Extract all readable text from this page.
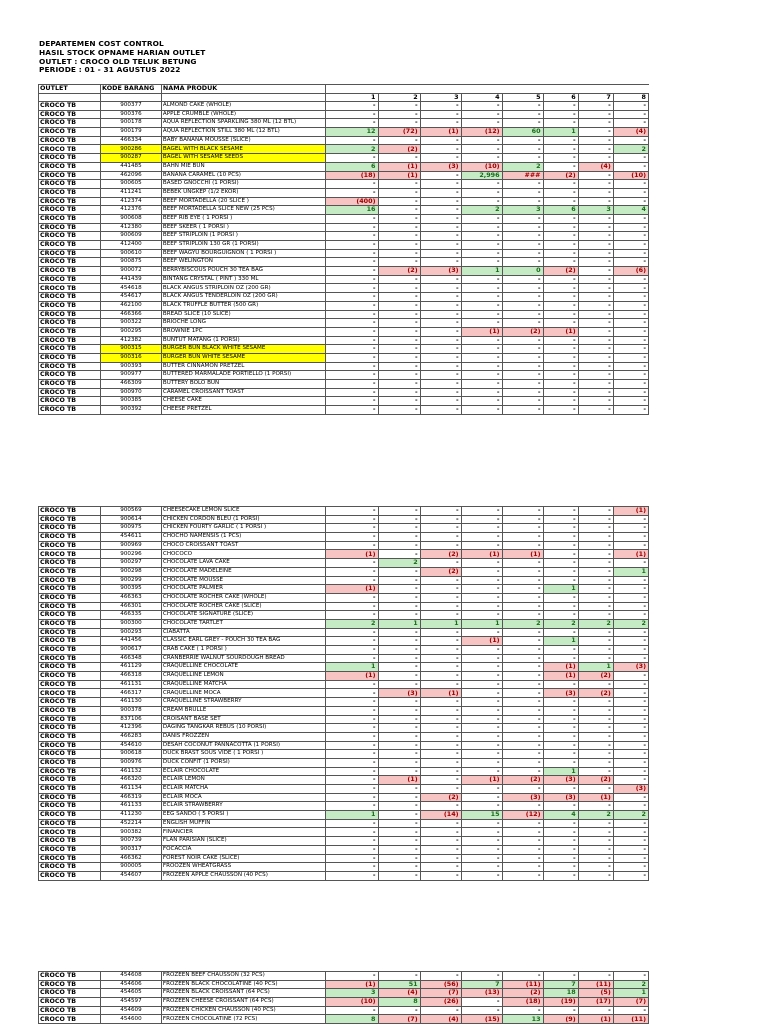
DEPARTEMEN COST CONTROL
HASIL STOCK OPNAME HARIAN OUTLET
OUTLET : CROCO OLD TELUK BETUNG
PERIODE : 01 - 31 AGUSTUS 2022
OUTLET	KODE BARANG	NAMA PRODUK								
			1	2	3	4	5	6	7	8
CROCO TB	900377	ALMOND CAKE (WHOLE)	-	-	-	-	-	-	-	-
CROCO TB	900376	APPLE CRUMBLE (WHOLE)	-	-	-	-	-	-	-	-
CROCO TB	900178	AQUA REFLECTION SPARKLING 380 ML (12 BTL)	-	-	-	-	-	-	-	-
CROCO TB	900179	AQUA REFLECTION STILL 380 ML (12 BTL)	12	(72)	(1)	(12)	60	1	-	(4)
CROCO TB	466334	BABY BANANA MOUSSE (SLICE)	-	-	-	-	-	-	-	-
CROCO TB	900286	BAGEL WITH BLACK SESAME	2	(2)	-	-	-	-	-	2
CROCO TB	900287	BAGEL WITH SESAME SEEDS	-	-	-	-	-	-	-	-
CROCO TB	441485	BAHN MIE BUN	6	(1)	(3)	(10)	2	-	(4)	-
CROCO TB	462096	BANANA CARAMEL (10 PCS)	(18)	(1)	-	2,996	###	(2)	-	(10)
CROCO TB	900605	BASED GNOCCHI (1 PORSI)	-	-	-	-	-	-	-	-
CROCO TB	411241	BEBEK UNGKEP (1/2 EKOR)	-	-	-	-	-	-	-	-
CROCO TB	412374	BEEF MORTADELLA (20 SLICE )	(400)	-	-	-	-	-	-	-
CROCO TB	412376	BEEF MORTADELLA SLICE NEW (25 PCS)	16	-	-	2	3	6	3	4
CROCO TB	900608	BEEF RIB EYE ( 1 PORSI )	-	-	-	-	-	-	-	-
CROCO TB	412380	BEEF SKEER ( 1 PORSI )	-	-	-	-	-	-	-	-
CROCO TB	900609	BEEF STRIPLOIN (1 PORSI )	-	-	-	-	-	-	-	-
CROCO TB	412400	BEEF STRIPLOIN 130 GR (1 PORSI)	-	-	-	-	-	-	-	-
CROCO TB	900610	BEEF WAGYU BOURGUIGNON ( 1 PORSI )	-	-	-	-	-	-	-	-
CROCO TB	900875	BEEF WELINGTON	-	-	-	-	-	-	-	-
CROCO TB	900072	BERRYBISCOUS POUCH 30 TEA BAG	-	(2)	(3)	1	0	(2)	-	(6)
CROCO TB	441439	BINTANG CRYSTAL ( PINT ) 330 ML	-	-	-	-	-	-	-	-
CROCO TB	454618	BLACK ANGUS STRIPLOIN OZ (200 GR)	-	-	-	-	-	-	-	-
CROCO TB	454617	BLACK ANGUS TENDERLOIN OZ (200 GR)	-	-	-	-	-	-	-	-
CROCO TB	462100	BLACK TRUFFLE BUTTER (500 GR)	-	-	-	-	-	-	-	-
CROCO TB	466366	BREAD SLICE (10 SLICE)	-	-	-	-	-	-	-	-
CROCO TB	900322	BRIOCHE LONG	-	-	-	-	-	-	-	-
CROCO TB	900295	BROWNIE 1PC	-	-	-	(1)	(2)	(1)	-	-
CROCO TB	412382	BUNTUT MATANG (1 PORSI)	-	-	-	-	-	-	-	-
CROCO TB	900315	BURGER BUN BLACK WHITE SESAME	-	-	-	-	-	-	-	-
CROCO TB	900316	BURGER BUN WHITE SESAME	-	-	-	-	-	-	-	-
CROCO TB	900393	BUTTER CINNAMON PRETZEL	-	-	-	-	-	-	-	-
CROCO TB	900977	BUTTERED MARMALADE PORTIELLO (1 PORSI)	-	-	-	-	-	-	-	-
CROCO TB	466309	BUTTERY BOLO BUN	-	-	-	-	-	-	-	-
CROCO TB	900970	CARAMEL CROISSANT TOAST	-	-	-	-	-	-	-	-
CROCO TB	900385	CHEESE CAKE	-	-	-	-	-	-	-	-
CROCO TB	900392	CHEESE PRETZEL	-	-	-	-	-	-	-	-
CROCO TB	900569	CHEESECAKE LEMON SLICE	-	-	-	-	-	-	-	(1)
CROCO TB	900614	CHICKEN CORDON BLEU (1 PORSI)	-	-	-	-	-	-	-	-
CROCO TB	900975	CHICKEN FOURTY GARLIC ( 1 PORSI )	-	-	-	-	-	-	-	-
CROCO TB	454611	CHOCHO NAMENSIS (1 PCS)	-	-	-	-	-	-	-	-
CROCO TB	900969	CHOCO CROISSANT TOAST	-	-	-	-	-	-	-	-
CROCO TB	900296	CHOCOCO	(1)	-	(2)	(1)	(1)	-	-	(1)
CROCO TB	900297	CHOCOLATE LAVA CAKE	-	2	-	-	-	-	-	-
CROCO TB	900298	CHOCOLATE MADELEINE	-	-	(2)	-	-	-	-	1
CROCO TB	900299	CHOCOLATE MOUSSE	-	-	-	-	-	-	-	-
CROCO TB	900395	CHOCOLATE PALMIER	(1)	-	-	-	-	1	-	-
CROCO TB	466363	CHOCOLATE ROCHER CAKE (WHOLE)	-	-	-	-	-	-	-	-
CROCO TB	466301	CHOCOLATE ROCHER CAKE (SLICE)	-	-	-	-	-	-	-	-
CROCO TB	466335	CHOCOLATE SIGNATURE (SLICE)	-	-	-	-	-	-	-	-
CROCO TB	900300	CHOCOLATE TARTLET	2	1	1	1	2	2	2	2
CROCO TB	900293	CIABATTA	-	-	-	-	-	-	-	-
CROCO TB	441456	CLASSIC EARL GREY - POUCH 30 TEA BAG	-	-	-	(1)	-	1	-	-
CROCO TB	900617	CRAB CAKE ( 1 PORSI )	-	-	-	-	-	-	-	-
CROCO TB	466348	CRANBERRIE WALNUT SOURDOUGH BREAD	-	-	-	-	-	-	-	-
CROCO TB	461129	CRAQUELLINE CHOCOLATE	1	-	-	-	-	(1)	1	(3)
CROCO TB	466318	CRAQUELLINE LEMON	(1)	-	-	-	-	(1)	(2)	-
CROCO TB	461131	CRAQUELLINE MATCHA	-	-	-	-	-	-	-	-
CROCO TB	466317	CRAQUELLINE MOCA	-	(3)	(1)	-	-	(3)	(2)	-
CROCO TB	461130	CRAQUELLINE STRAWBERRY	-	-	-	-	-	-	-	-
CROCO TB	900378	CREAM BRULLE	-	-	-	-	-	-	-	-
CROCO TB	837106	CROISANT BASE SET	-	-	-	-	-	-	-	-
CROCO TB	412396	DAGING TANGKAR REBUS (10 PORSI)	-	-	-	-	-	-	-	-
CROCO TB	466283	DANIS FROZZEN	-	-	-	-	-	-	-	-
CROCO TB	454610	DESAH COCONUT PANNACOTTA (1 PORSI)	-	-	-	-	-	-	-	-
CROCO TB	900618	DUCK BRAST SOUS VIDE ( 1 PORSI )	-	-	-	-	-	-	-	-
CROCO TB	900976	DUCK CONFIT (1 PORSI)	-	-	-	-	-	-	-	-
CROCO TB	461132	ECLAIR CHOCOLATE	-	-	-	-	-	1	-	-
CROCO TB	466320	ECLAIR LEMON	-	(1)	-	(1)	(2)	(3)	(2)	-
CROCO TB	461134	ECLAIR MATCHA	-	-	-	-	-	-	-	(3)
CROCO TB	466319	ECLAIR MOCA	-	-	(2)	-	(3)	(3)	(1)	-
CROCO TB	461133	ECLAIR STRAWBERRY	-	-	-	-	-	-	-	-
CROCO TB	411230	EEG SANDO ( 5 PORSI )	1	-	(14)	15	(12)	4	2	2
CROCO TB	452214	ENGLISH MUFFIN	-	-	-	-	-	-	-	-
CROCO TB	900382	FINANCIER	-	-	-	-	-	-	-	-
CROCO TB	900739	FLAN PARISIAN (SLICE)	-	-	-	-	-	-	-	-
CROCO TB	900317	FOCACCIA	-	-	-	-	-	-	-	-
CROCO TB	466362	FOREST NOIR CAKE (SLICE)	-	-	-	-	-	-	-	-
CROCO TB	900005	FROOZEN WHEATGRASS	-	-	-	-	-	-	-	-
CROCO TB	454607	FROZEEN APPLE CHAUSSON (40 PCS)	-	-	-	-	-	-	-	-
CROCO TB	454608	FROZEEN BEEF CHAUSSON (32 PCS)	-	-	-	-	-	-	-	-
CROCO TB	454606	FROZEEN BLACK CHOCOLATINE (40 PCS)	(1)	51	(56)	7	(11)	7	(11)	2
CROCO TB	454605	FROZEEN BLACK CROISSANT (64 PCS)	3	(4)	(7)	(13)	(2)	18	(5)	1
CROCO TB	454597	FROZEEN CHEESE CROISSANT (64 PCS)	(10)	8	(26)	-	(18)	(19)	(17)	(7)
CROCO TB	454609	FROZEEN CHICKEN CHAUSSON (40 PCS)	-	-	-	-	-	-	-	-
CROCO TB	454600	FROZEEN CHOCOLATINE (72 PCS)	8	(7)	(4)	(15)	13	(9)	(1)	(11)
